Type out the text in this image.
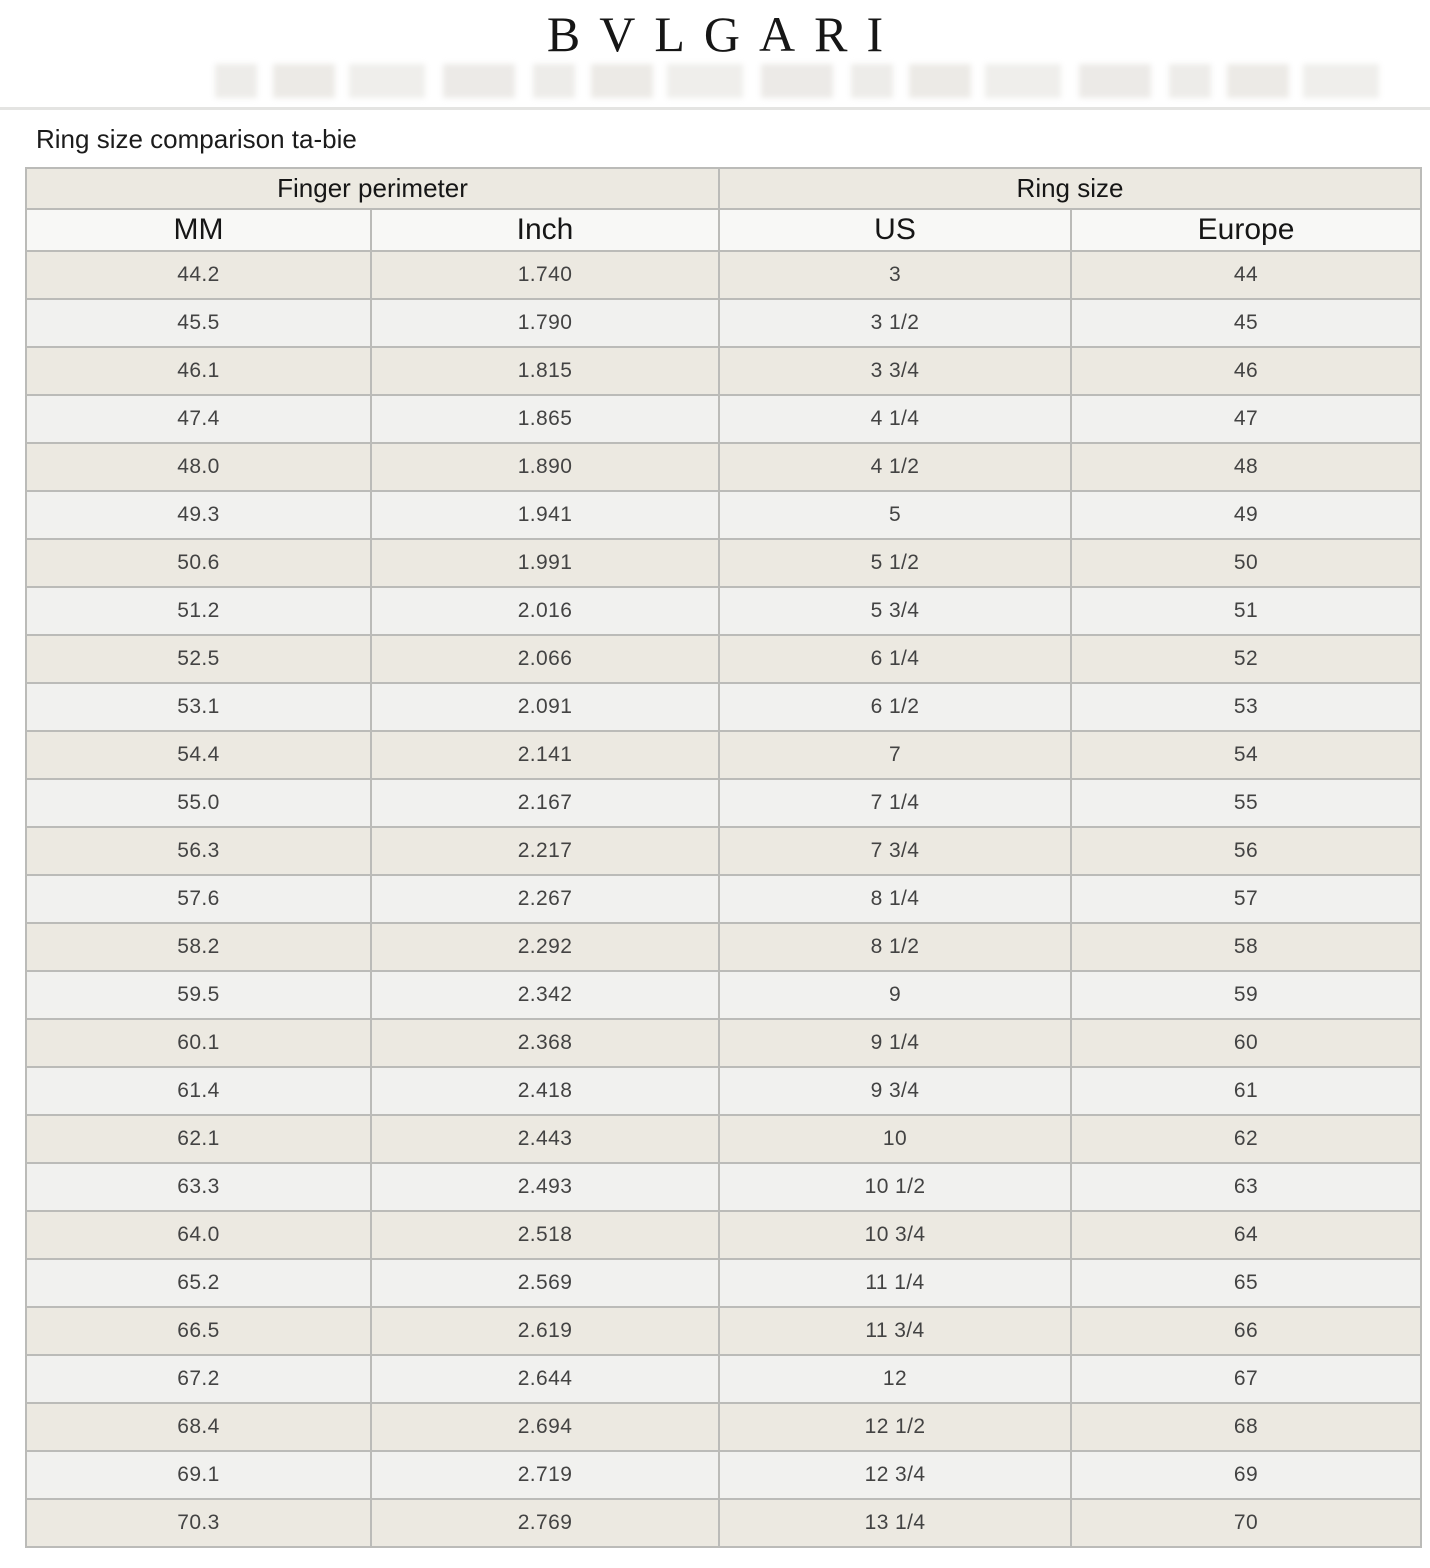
BVLGARI
Ring size comparison ta-bie
Finger perimeter		Ring size	
MM	Inch	US	Europe
44.2	1.740	3	44
45.5	1.790	3 1/2	45
46.1	1.815	3 3/4	46
47.4	1.865	4 1/4	47
48.0	1.890	4 1/2	48
49.3	1.941	5	49
50.6	1.991	5 1/2	50
51.2	2.016	5 3/4	51
52.5	2.066	6 1/4	52
53.1	2.091	6 1/2	53
54.4	2.141	7	54
55.0	2.167	7 1/4	55
56.3	2.217	7 3/4	56
57.6	2.267	8 1/4	57
58.2	2.292	8 1/2	58
59.5	2.342	9	59
60.1	2.368	9 1/4	60
61.4	2.418	9 3/4	61
62.1	2.443	10	62
63.3	2.493	10 1/2	63
64.0	2.518	10 3/4	64
65.2	2.569	11 1/4	65
66.5	2.619	11 3/4	66
67.2	2.644	12	67
68.4	2.694	12 1/2	68
69.1	2.719	12 3/4	69
70.3	2.769	13 1/4	70
